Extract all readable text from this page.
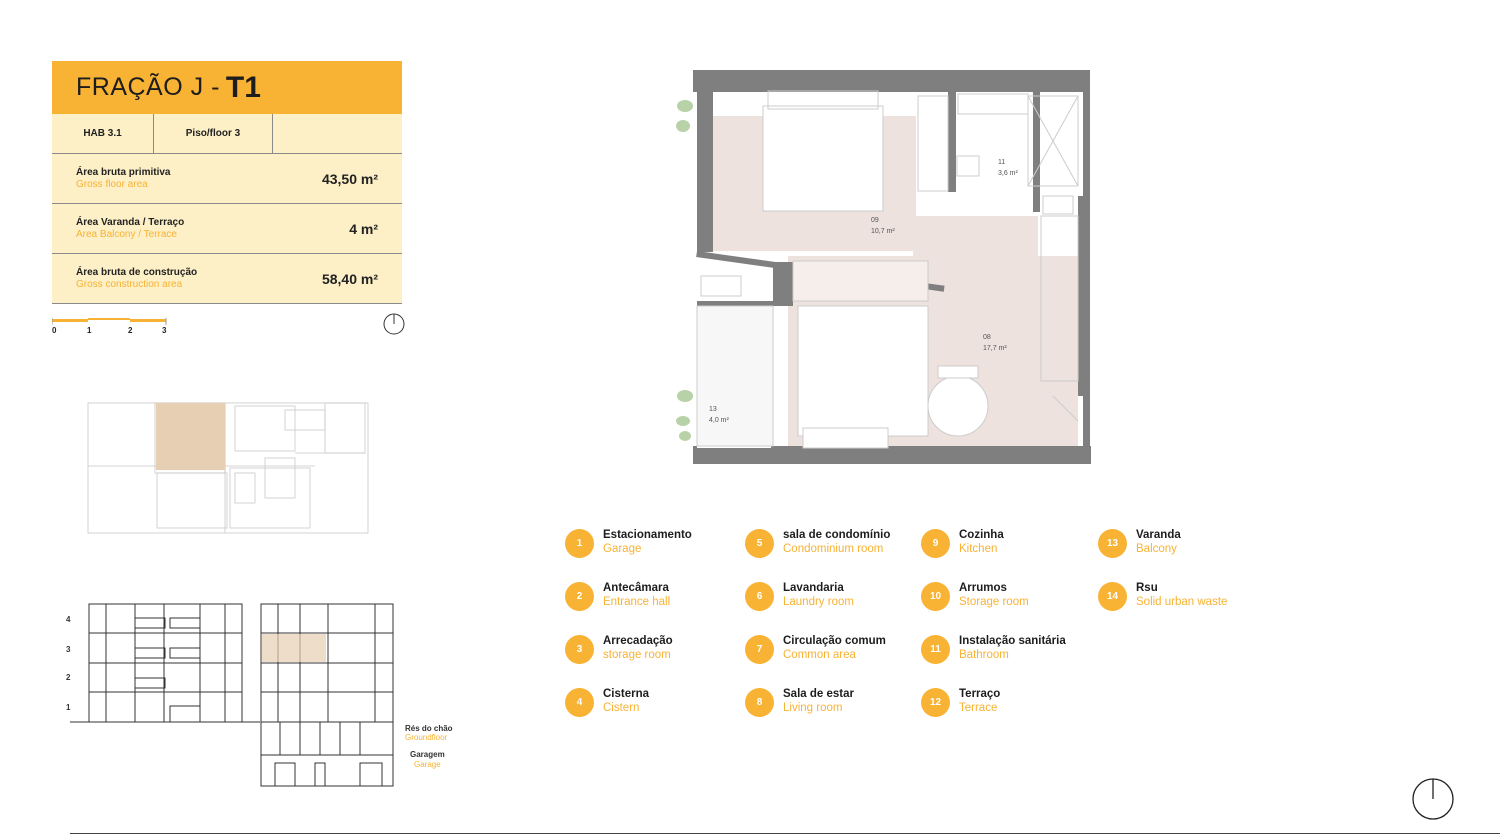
FRAÇÃO J - T1
HAB 3.1	Piso/floor 3
Área bruta primitiva
Gross floor area	43,50 m²
Área Varanda / Terraço
Area Balcony / Terrace	4 m²
Área bruta de construção
Gross construction area	58,40 m²
0	1	2	3
4
3
2
1
Rés do chão
Groundfloor
Garagem
Garage
09
10,7 m²
11
3,6 m²
08
17,7 m²
13
4,0 m²
1
Estacionamento
Garage
2
Antecâmara
Entrance hall
3
Arrecadação
storage room
4
Cisterna
Cistern
5
sala de condomínio
Condominium room
6
Lavandaria
Laundry room
7
Circulação comum
Common area
8
Sala de estar
Living room
9
Cozinha
Kitchen
10
Arrumos
Storage room
11
Instalação sanitária
Bathroom
12
Terraço
Terrace
13
Varanda
Balcony
14
Rsu
Solid urban waste
